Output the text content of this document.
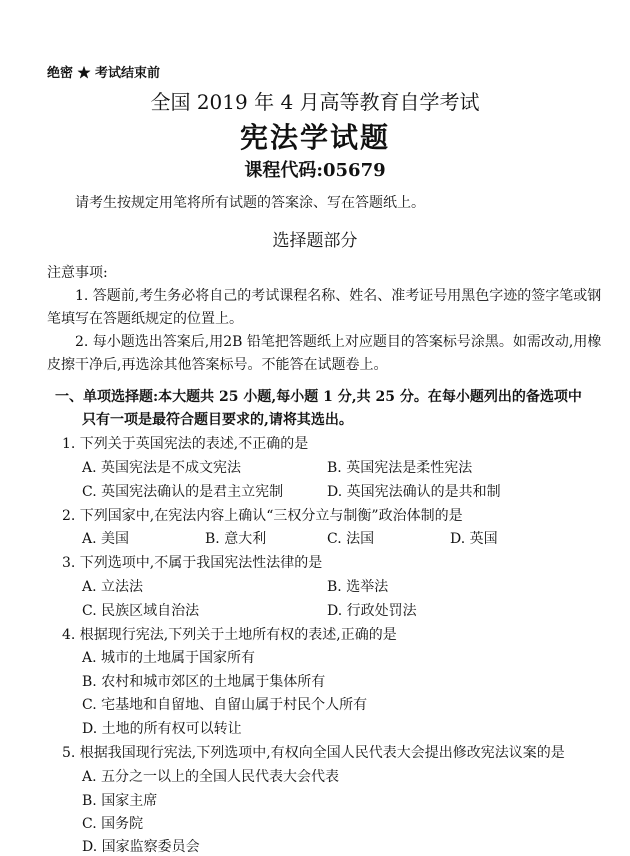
绝密 ★ 考试结束前
全国 2019 年 4 月高等教育自学考试
宪法学试题
课程代码:05679
请考生按规定用笔将所有试题的答案涂、写在答题纸上。
选择题部分
注意事项:
1. 答题前,考生务必将自己的考试课程名称、姓名、准考证号用黑色字迹的签字笔或钢笔填写在答题纸规定的位置上。
2. 每小题选出答案后,用2B 铅笔把答题纸上对应题目的答案标号涂黑。如需改动,用橡皮擦干净后,再选涂其他答案标号。不能答在试题卷上。
一、单项选择题:本大题共 25 小题,每小题 1 分,共 25 分。在每小题列出的备选项中
只有一项是最符合题目要求的,请将其选出。
1. 下列关于英国宪法的表述,不正确的是
A. 英国宪法是不成文宪法	B. 英国宪法是柔性宪法
C. 英国宪法确认的是君主立宪制	D. 英国宪法确认的是共和制
2. 下列国家中,在宪法内容上确认“三权分立与制衡”政治体制的是
A. 美国	B. 意大利	C. 法国	D. 英国
3. 下列选项中,不属于我国宪法性法律的是
A. 立法法	B. 选举法
C. 民族区域自治法	D. 行政处罚法
4. 根据现行宪法,下列关于土地所有权的表述,正确的是
A. 城市的土地属于国家所有
B. 农村和城市郊区的土地属于集体所有
C. 宅基地和自留地、自留山属于村民个人所有
D. 土地的所有权可以转让
5. 根据我国现行宪法,下列选项中,有权向全国人民代表大会提出修改宪法议案的是
A. 五分之一以上的全国人民代表大会代表
B. 国家主席
C. 国务院
D. 国家监察委员会
